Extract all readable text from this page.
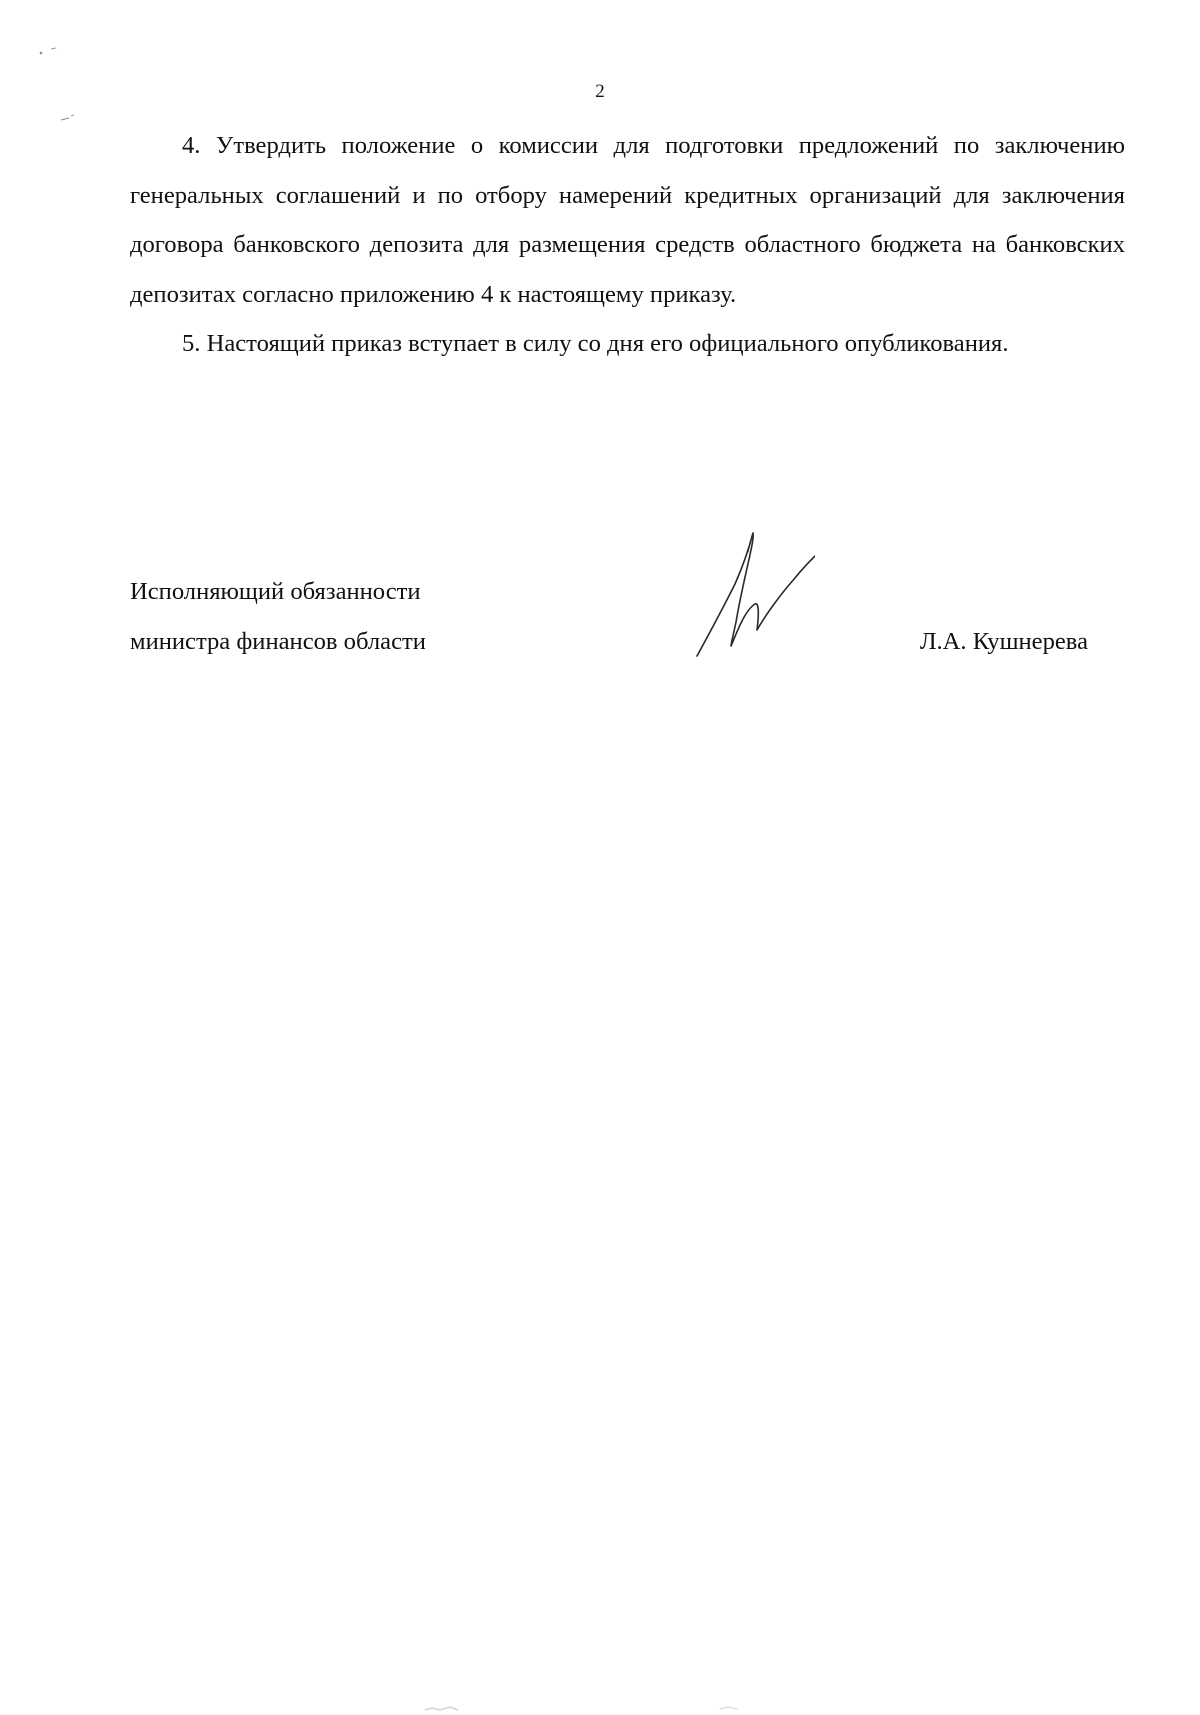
2

4. Утвердить положение о комиссии для подготовки предложений по заключению генеральных соглашений и по отбору намерений кредитных организаций для заключения договора банковского депозита для размещения средств областного бюджета на банковских депозитах согласно приложению 4 к настоящему приказу.

5. Настоящий приказ вступает в силу со дня его официального опубликования.

Исполняющий обязанности
министра финансов области	Л.А. Кушнерева
